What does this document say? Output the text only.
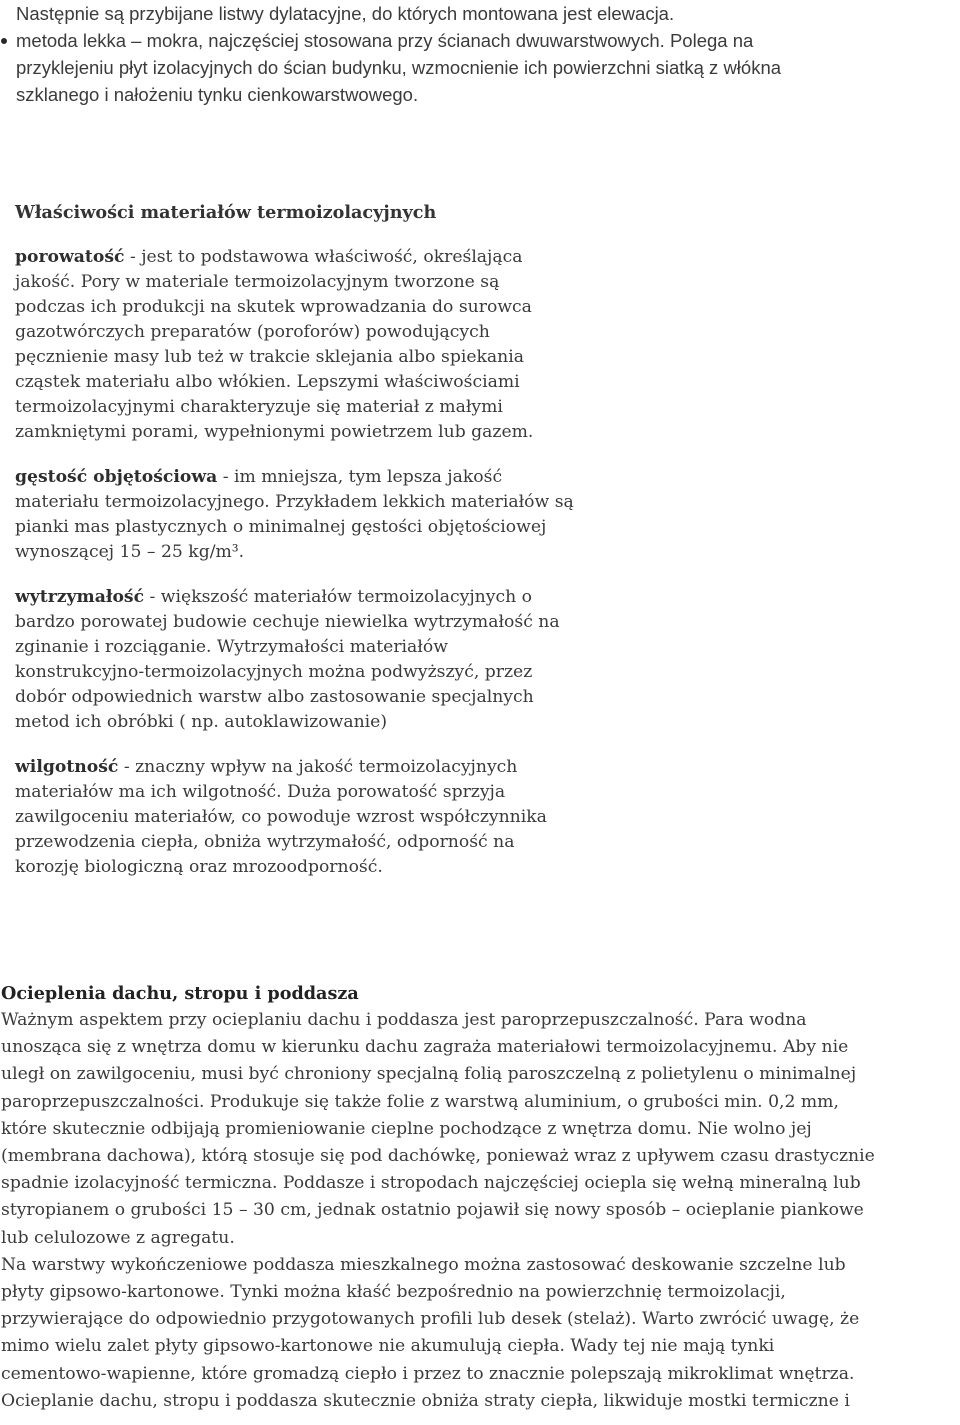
Następnie są przybijane listwy dylatacyjne, do których montowana jest elewacja.

metoda lekka – mokra, najczęściej stosowana przy ścianach dwuwarstwowych. Polega na
przyklejeniu płyt izolacyjnych do ścian budynku, wzmocnienie ich powierzchni siatką z włókna
szklanego i nałożeniu tynku cienkowarstwowego.
Właściwości materiałów termoizolacyjnych
porowatość - jest to podstawowa właściwość, określająca
jakość. Pory w materiale termoizolacyjnym tworzone są
podczas ich produkcji na skutek wprowadzania do surowca
gazotwórczych preparatów (poroforów) powodujących
pęcznienie masy lub też w trakcie sklejania albo spiekania
cząstek materiału albo włókien. Lepszymi właściwościami
termoizolacyjnymi charakteryzuje się materiał z małymi
zamkniętymi porami, wypełnionymi powietrzem lub gazem.
gęstość objętościowa - im mniejsza, tym lepsza jakość
materiału termoizolacyjnego. Przykładem lekkich materiałów są
pianki mas plastycznych o minimalnej gęstości objętościowej
wynoszącej 15 – 25 kg/m³.
wytrzymałość - większość materiałów termoizolacyjnych o
bardzo porowatej budowie cechuje niewielka wytrzymałość na
zginanie i rozciąganie. Wytrzymałości materiałów
konstrukcyjno-termoizolacyjnych można podwyższyć, przez
dobór odpowiednich warstw albo zastosowanie specjalnych
metod ich obróbki ( np. autoklawizowanie)
wilgotność - znaczny wpływ na jakość termoizolacyjnych
materiałów ma ich wilgotność. Duża porowatość sprzyja
zawilgoceniu materiałów, co powoduje wzrost współczynnika
przewodzenia ciepła, obniża wytrzymałość, odporność na
korozję biologiczną oraz mrozoodporność.
Ocieplenia dachu, stropu i poddasza
Ważnym aspektem przy ocieplaniu dachu i poddasza jest paroprzepuszczalność. Para wodna
unosząca się z wnętrza domu w kierunku dachu zagraża materiałowi termoizolacyjnemu. Aby nie
uległ on zawilgoceniu, musi być chroniony specjalną folią paroszczelną z polietylenu o minimalnej
paroprzepuszczalności. Produkuje się także folie z warstwą aluminium, o grubości min. 0,2 mm,
które skutecznie odbijają promieniowanie cieplne pochodzące z wnętrza domu. Nie wolno jej
(membrana dachowa), którą stosuje się pod dachówkę, ponieważ wraz z upływem czasu drastycznie
spadnie izolacyjność termiczna. Poddasze i stropodach najczęściej ociepla się wełną mineralną lub
styropianem o grubości 15 – 30 cm, jednak ostatnio pojawił się nowy sposób – ocieplanie piankowe
lub celulozowe z agregatu.
Na warstwy wykończeniowe poddasza mieszkalnego można zastosować deskowanie szczelne lub
płyty gipsowo-kartonowe. Tynki można kłaść bezpośrednio na powierzchnię termoizolacji,
przywierające do odpowiednio przygotowanych profili lub desek (stelaż). Warto zwrócić uwagę, że
mimo wielu zalet płyty gipsowo-kartonowe nie akumulują ciepła. Wady tej nie mają tynki
cementowo-wapienne, które gromadzą ciepło i przez to znacznie polepszają mikroklimat wnętrza.
Ocieplanie dachu, stropu i poddasza skutecznie obniża straty ciepła, likwiduje mostki termiczne i
